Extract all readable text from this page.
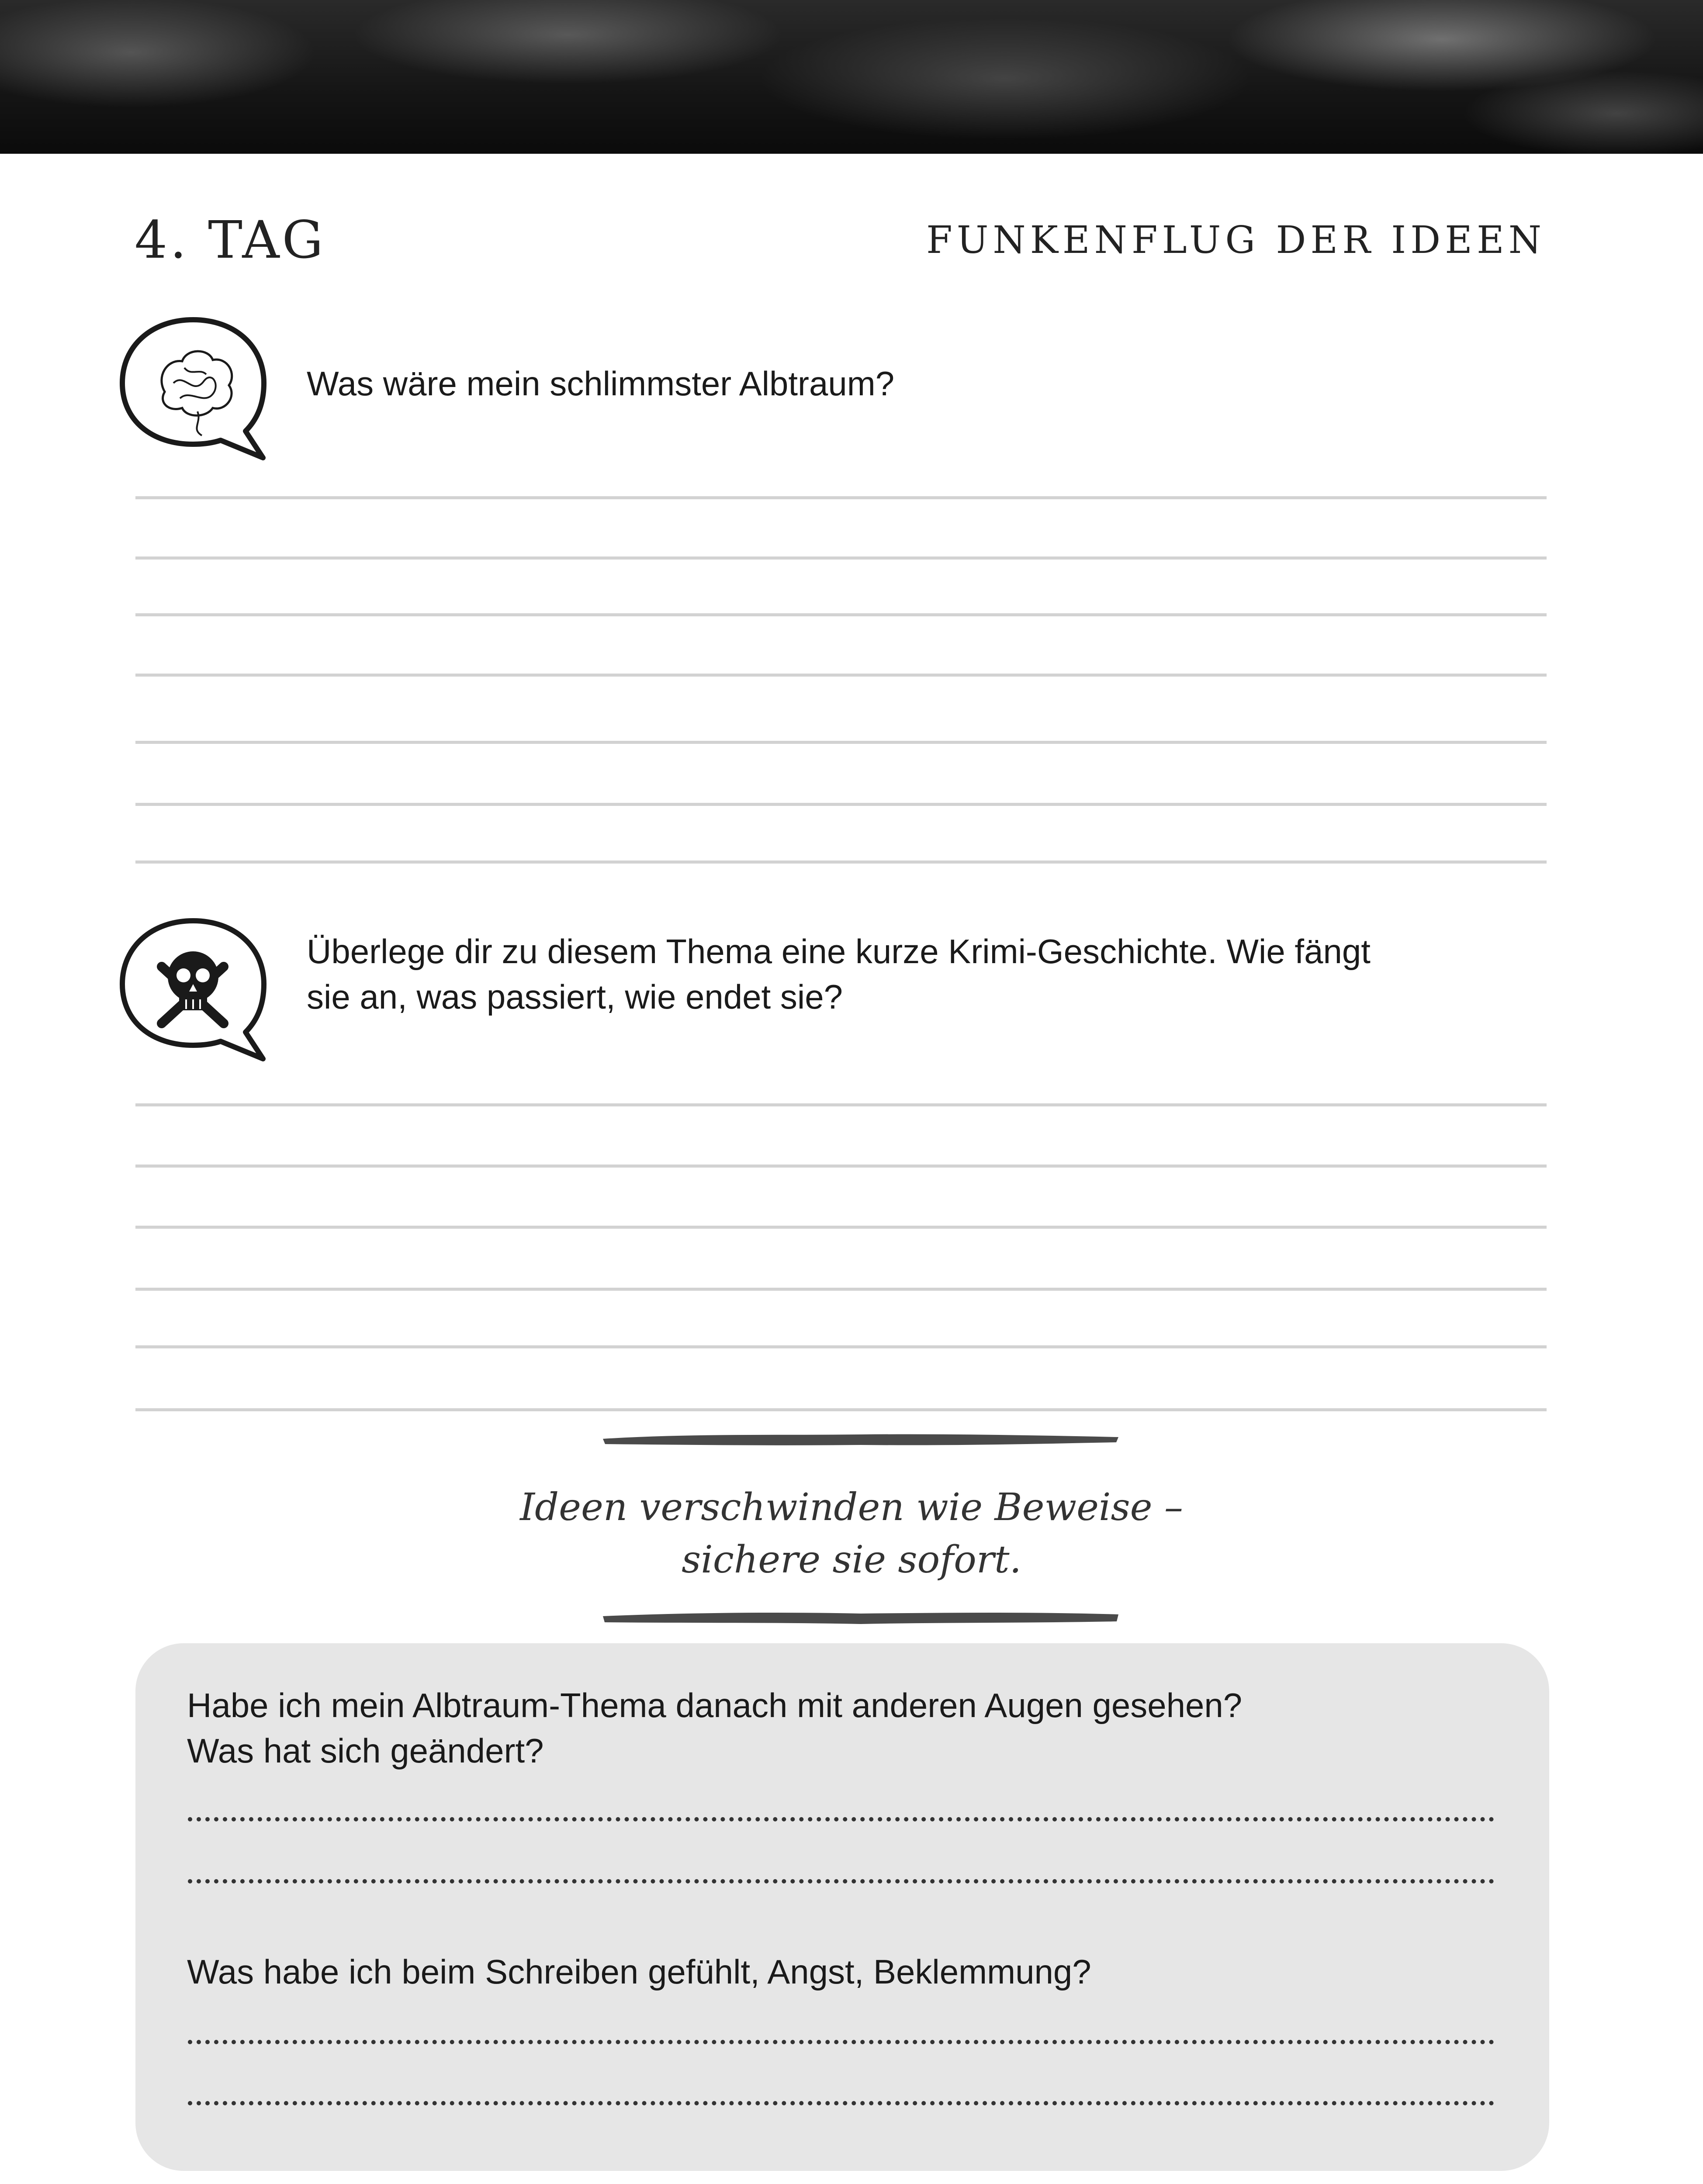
4. TAG	FUNKENFLUG DER IDEEN
Was wäre mein schlimmster Albtraum?
Überlege dir zu diesem Thema eine kurze Krimi-Geschichte. Wie fängt
sie an, was passiert, wie endet sie?
Ideen verschwinden wie Beweise –
sichere sie sofort.
Habe ich mein Albtraum-Thema danach mit anderen Augen gesehen?
Was hat sich geändert?
Was habe ich beim Schreiben gefühlt, Angst, Beklemmung?
